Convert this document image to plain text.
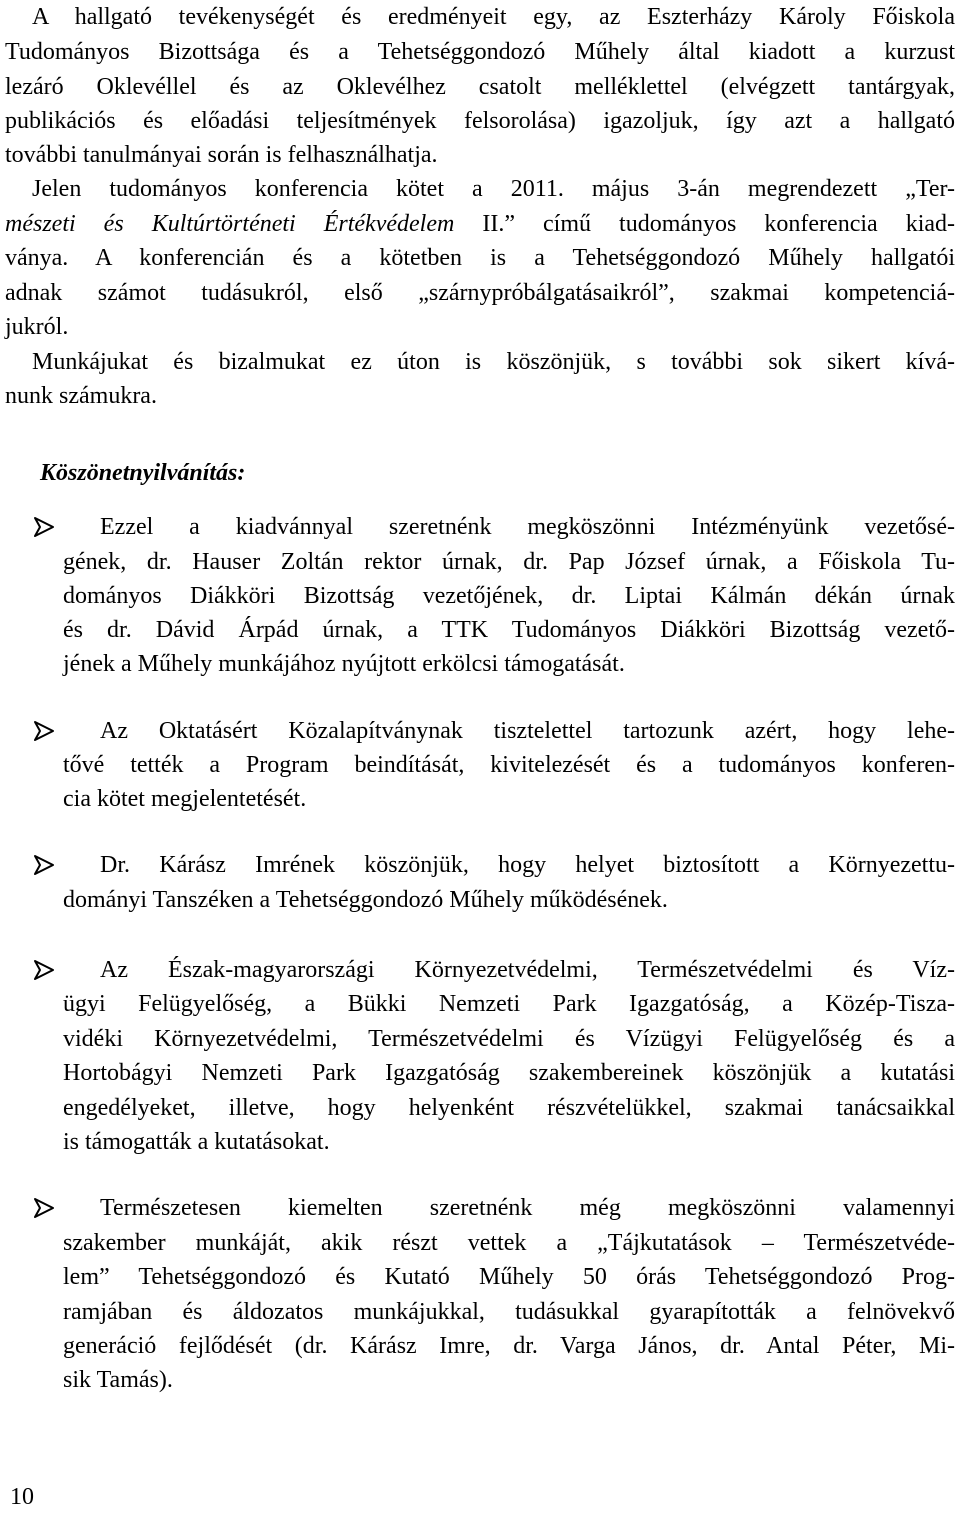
A hallgató tevékenységét és eredményeit egy, az Eszterházy Károly Főiskola
Tudományos Bizottsága és a Tehetséggondozó Műhely által kiadott a kurzust
lezáró Oklevéllel és az Oklevélhez csatolt melléklettel (elvégzett tantárgyak,
publikációs és előadási teljesítmények felsorolása) igazoljuk, így azt a hallgató
további tanulmányai során is felhasználhatja.
Jelen tudományos konferencia kötet a 2011. május 3-án megrendezett „Ter-
mészeti és Kultúrtörténeti Értékvédelem II.” című tudományos konferencia kiad-
ványa. A konferencián és a kötetben is a Tehetséggondozó Műhely hallgatói
adnak számot tudásukról, első „szárnypróbálgatásaikról”, szakmai kompetenciá-
jukról.
Munkájukat és bizalmukat ez úton is köszönjük, s további sok sikert kívá-
nunk számukra.
Köszönetnyilvánítás:
Ezzel a kiadvánnyal szeretnénk megköszönni Intézményünk vezetősé-
gének, dr. Hauser Zoltán rektor úrnak, dr. Pap József úrnak, a Főiskola Tu-
dományos Diákköri Bizottság vezetőjének, dr. Liptai Kálmán dékán úrnak
és dr. Dávid Árpád úrnak, a TTK Tudományos Diákköri Bizottság vezető-
jének a Műhely munkájához nyújtott erkölcsi támogatását.
Az Oktatásért Közalapítványnak tisztelettel tartozunk azért, hogy lehe-
tővé tették a Program beindítását, kivitelezését és a tudományos konferen-
cia kötet megjelentetését.
Dr. Kárász Imrének köszönjük, hogy helyet biztosított a Környezettu-
dományi Tanszéken a Tehetséggondozó Műhely működésének.
Az Észak-magyarországi Környezetvédelmi, Természetvédelmi és Víz-
ügyi Felügyelőség, a Bükki Nemzeti Park Igazgatóság, a Közép-Tisza-
vidéki Környezetvédelmi, Természetvédelmi és Vízügyi Felügyelőség és a
Hortobágyi Nemzeti Park Igazgatóság szakembereinek köszönjük a kutatási
engedélyeket, illetve, hogy helyenként részvételükkel, szakmai tanácsaikkal
is támogatták a kutatásokat.
Természetesen kiemelten szeretnénk még megköszönni valamennyi
szakember munkáját, akik részt vettek a „Tájkutatások – Természetvéde-
lem” Tehetséggondozó és Kutató Műhely 50 órás Tehetséggondozó Prog-
ramjában és áldozatos munkájukkal, tudásukkal gyarapították a felnövekvő
generáció fejlődését (dr. Kárász Imre, dr. Varga János, dr. Antal Péter, Mi-
sik Tamás).
10
